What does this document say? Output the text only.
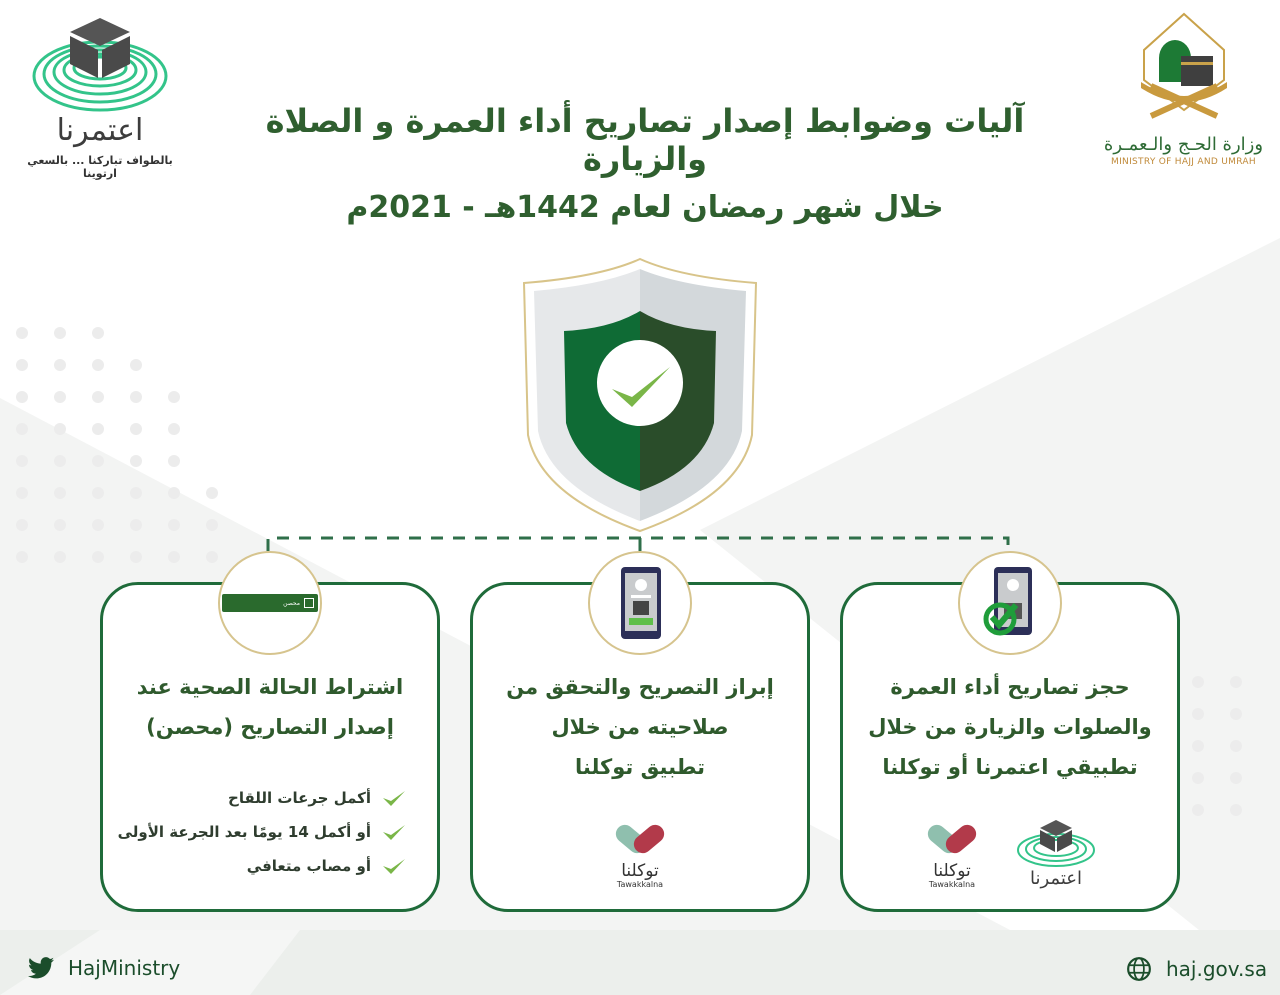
اعتمرنا
بالطواف تباركنا ... بالسعي ارتوينا
وزارة الحـج والـعمـرة
MINISTRY OF HAJJ AND UMRAH
آليات وضوابط إصدار تصاريح أداء العمرة و الصلاة والزيارة
خلال شهر رمضان لعام 1442هـ - 2021م
حجز تصاريح أداء العمرة
والصلوات والزيارة من خلال
تطبيقي اعتمرنا أو توكلنا
توكلنا
Tawakkalna	اعتمرنا
إبراز التصريح والتحقق من
صلاحيته من خلال
تطبيق توكلنا
توكلنا
Tawakkalna
محصن
اشتراط الحالة الصحية عند
إصدار التصاريح (محصن)
أكمل جرعات اللقاح
أو أكمل 14 يومًا بعد الجرعة الأولى
أو مصاب متعافي
HajMinistry	haj.gov.sa
